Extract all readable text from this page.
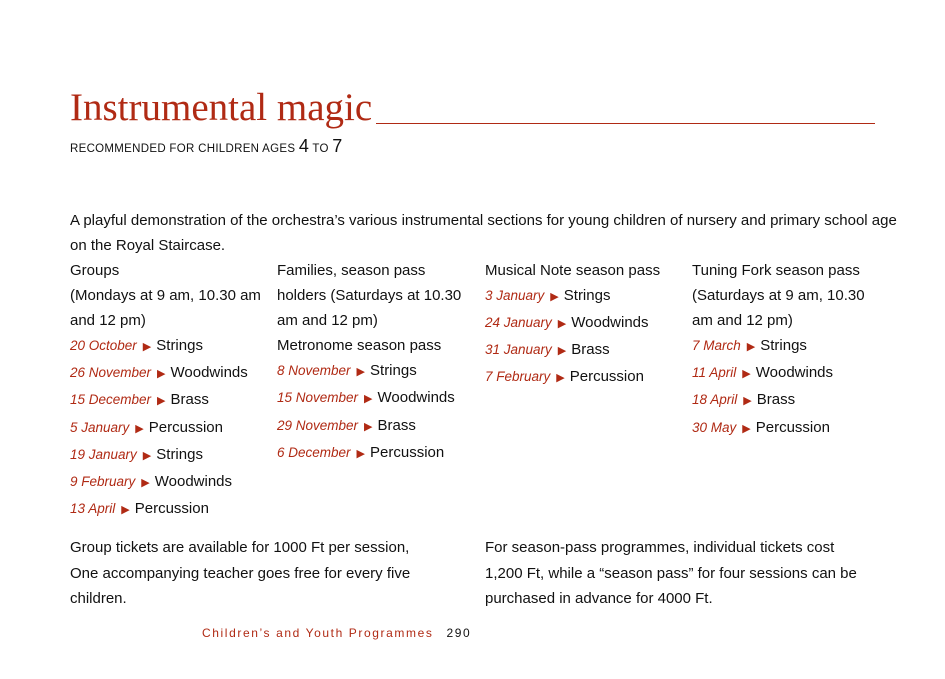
Instrumental magic
RECOMMENDED FOR CHILDREN AGES 4 TO 7
A playful demonstration of the orchestra’s various instrumental sections for young children of nursery and primary school age on the Royal Staircase.
Groups
(Mondays at 9 am, 10.30 am
and 12 pm)
20 October ▶ Strings
26 November ▶ Woodwinds
15 December ▶ Brass
5 January ▶ Percussion
19 January ▶ Strings
9 February ▶ Woodwinds
13 April ▶ Percussion
Families, season pass
holders (Saturdays at 10.30
am and 12 pm)
Metronome season pass
8 November ▶ Strings
15 November ▶ Woodwinds
29 November ▶ Brass
6 December ▶ Percussion
Musical Note season pass
3 January ▶ Strings
24 January ▶ Woodwinds
31 January ▶ Brass
7 February ▶ Percussion
Tuning Fork season pass
(Saturdays at 9 am, 10.30
am and 12 pm)
7 March ▶ Strings
11 April ▶ Woodwinds
18 April ▶ Brass
30 May ▶ Percussion
Group tickets are available for 1000 Ft per session,
One accompanying teacher goes free for every five
children.
For season-pass programmes, individual tickets cost
1,200 Ft, while a “season pass” for four sessions can be
purchased in advance for 4000 Ft.
Children’s and Youth Programmes 290
